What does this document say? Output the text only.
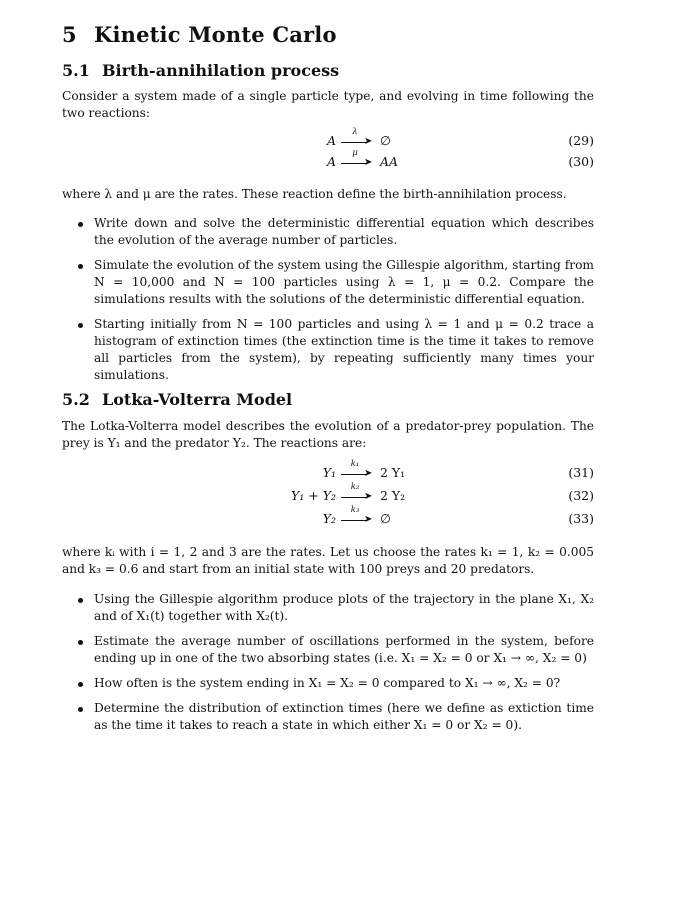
5 Kinetic Monte Carlo
5.1 Birth-annihilation process
Consider a system made of a single particle type, and evolving in time following the two reactions:
A
λ
➤ ∅	(29)
A
μ
➤ AA	(30)
where λ and μ are the rates. These reaction define the birth-annihilation process.
Write down and solve the deterministic differential equation which describes the evolution of the average number of particles.
Simulate the evolution of the system using the Gillespie algorithm, starting from N = 10,000 and N = 100 particles using λ = 1, μ = 0.2. Compare the simulations results with the solutions of the deterministic differential equation.
Starting initially from N = 100 particles and using λ = 1 and μ = 0.2 trace a histogram of extinction times (the extinction time is the time it takes to remove all particles from the system), by repeating sufficiently many times your simulations.
5.2 Lotka-Volterra Model
The Lotka-Volterra model describes the evolution of a predator-prey population. The prey is Y₁ and the predator Y₂. The reactions are:
Y₁
k₁
➤ 2 Y₁	(31)
Y₁ + Y₂
k₂
➤ 2 Y₂	(32)
Y₂
k₃
➤ ∅	(33)
where kᵢ with i = 1, 2 and 3 are the rates. Let us choose the rates k₁ = 1, k₂ = 0.005 and k₃ = 0.6 and start from an initial state with 100 preys and 20 predators.
Using the Gillespie algorithm produce plots of the trajectory in the plane X₁, X₂ and of X₁(t) together with X₂(t).
Estimate the average number of oscillations performed in the system, before ending up in one of the two absorbing states (i.e. X₁ = X₂ = 0 or X₁ → ∞, X₂ = 0)
How often is the system ending in X₁ = X₂ = 0 compared to X₁ → ∞, X₂ = 0?
Determine the distribution of extinction times (here we define as extiction time as the time it takes to reach a state in which either X₁ = 0 or X₂ = 0).
